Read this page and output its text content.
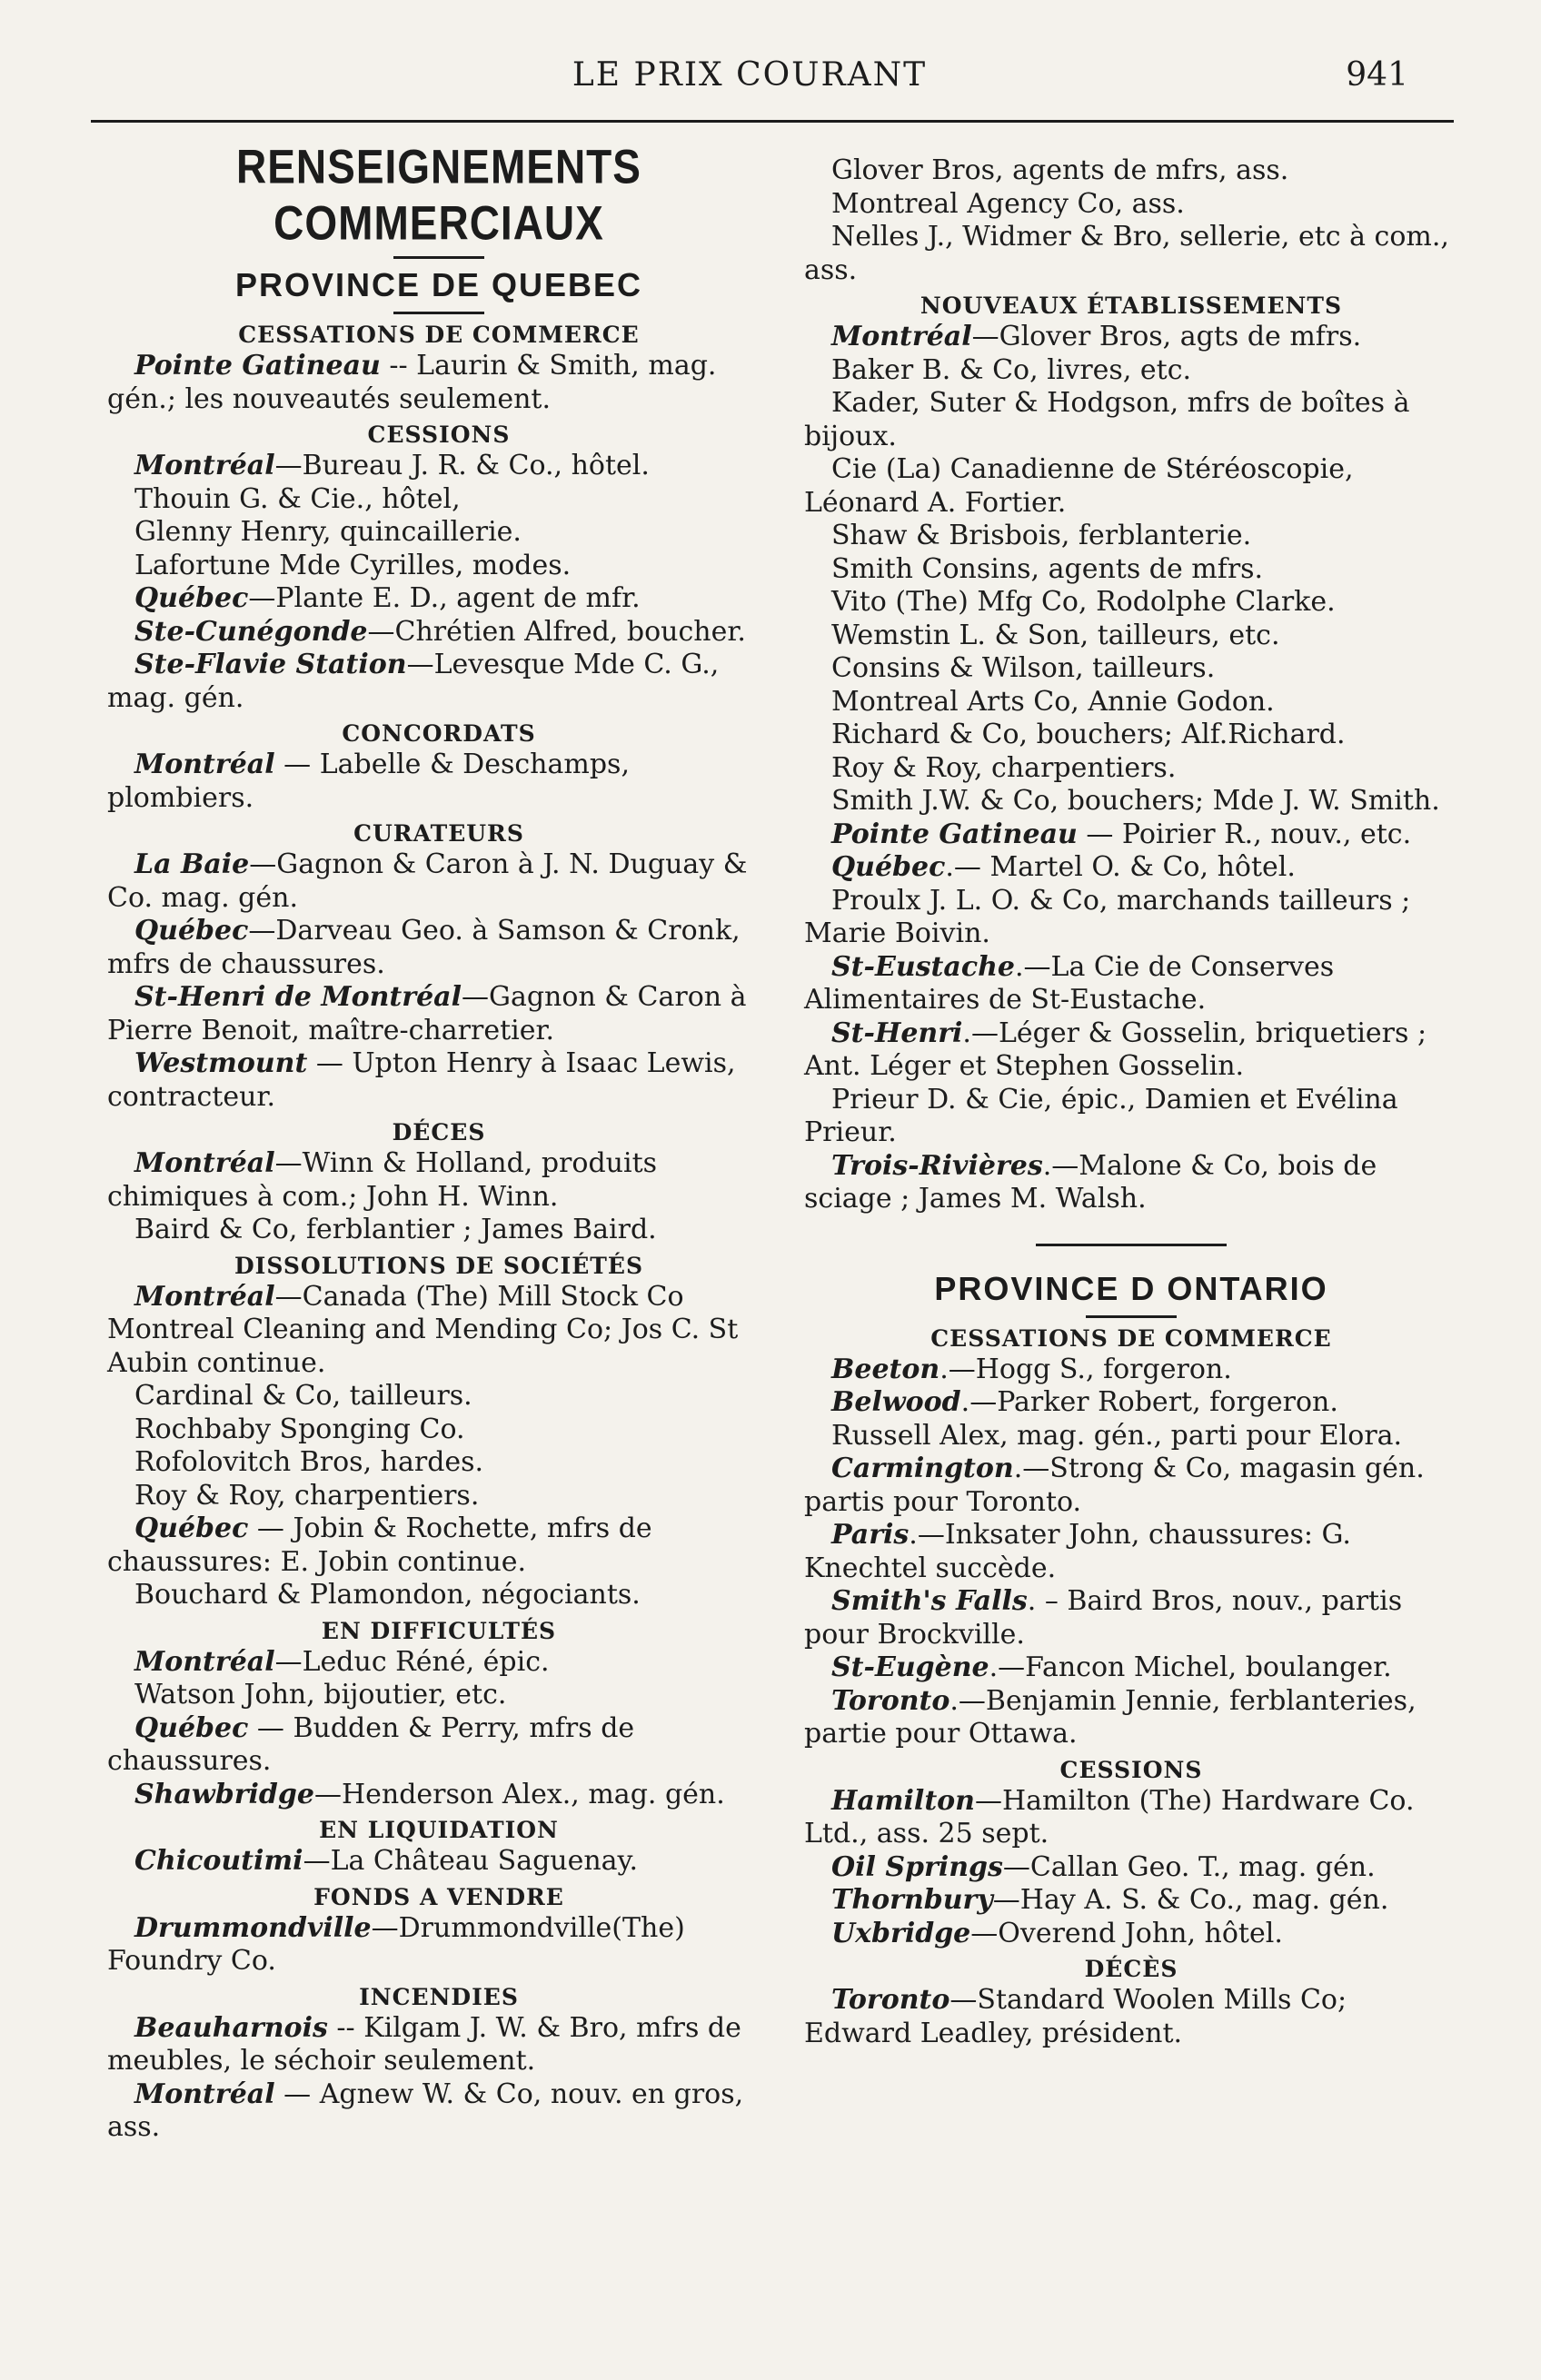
LE PRIX COURANT	941
RENSEIGNEMENTS COMMERCIAUX
PROVINCE DE QUEBEC
CESSATIONS DE COMMERCE

Pointe Gatineau -- Laurin & Smith, mag. gén.; les nouveautés seulement.

CESSIONS

Montréal—Bureau J. R. & Co., hôtel.

Thouin G. & Cie., hôtel,

Glenny Henry, quincaillerie.

Lafortune Mde Cyrilles, modes.

Québec—Plante E. D., agent de mfr.

Ste-Cunégonde—Chrétien Alfred, boucher.

Ste-Flavie Station—Levesque Mde C. G., mag. gén.

CONCORDATS

Montréal — Labelle & Deschamps, plombiers.

CURATEURS

La Baie—Gagnon & Caron à J. N. Duguay & Co. mag. gén.

Québec—Darveau Geo. à Samson & Cronk, mfrs de chaussures.

St-Henri de Montréal—Gagnon & Caron à Pierre Benoit, maître-charretier.

Westmount — Upton Henry à Isaac Lewis, contracteur.

DÉCES

Montréal—Winn & Holland, produits chimiques à com.; John H. Winn.

Baird & Co, ferblantier ; James Baird.

DISSOLUTIONS DE SOCIÉTÉS

Montréal—Canada (The) Mill Stock Co Montreal Cleaning and Mending Co; Jos C. St Aubin continue.

Cardinal & Co, tailleurs.

Rochbaby Sponging Co.

Rofolovitch Bros, hardes.

Roy & Roy, charpentiers.

Québec — Jobin & Rochette, mfrs de chaussures: E. Jobin continue.

Bouchard & Plamondon, négociants.

EN DIFFICULTÉS

Montréal—Leduc Réné, épic.

Watson John, bijoutier, etc.

Québec — Budden & Perry, mfrs de chaussures.

Shawbridge—Henderson Alex., mag. gén.

EN LIQUIDATION

Chicoutimi—La Château Saguenay.

FONDS A VENDRE

Drummondville—Drummondville(The) Foundry Co.

INCENDIES

Beauharnois -- Kilgam J. W. & Bro, mfrs de meubles, le séchoir seulement.

Montréal — Agnew W. & Co, nouv. en gros, ass.

Glover Bros, agents de mfrs, ass.

Montreal Agency Co, ass.

Nelles J., Widmer & Bro, sellerie, etc à com., ass.

NOUVEAUX ÉTABLISSEMENTS

Montréal—Glover Bros, agts de mfrs.

Baker B. & Co, livres, etc.

Kader, Suter & Hodgson, mfrs de boîtes à bijoux.

Cie (La) Canadienne de Stéréoscopie, Léonard A. Fortier.

Shaw & Brisbois, ferblanterie.

Smith Consins, agents de mfrs.

Vito (The) Mfg Co, Rodolphe Clarke.

Wemstin L. & Son, tailleurs, etc.

Consins & Wilson, tailleurs.

Montreal Arts Co, Annie Godon.

Richard & Co, bouchers; Alf.Richard.

Roy & Roy, charpentiers.

Smith J.W. & Co, bouchers; Mde J. W. Smith.

Pointe Gatineau — Poirier R., nouv., etc.

Québec.— Martel O. & Co, hôtel.

Proulx J. L. O. & Co, marchands tailleurs ; Marie Boivin.

St-Eustache.—La Cie de Conserves Alimentaires de St-Eustache.

St-Henri.—Léger & Gosselin, briquetiers ; Ant. Léger et Stephen Gosselin.

Prieur D. & Cie, épic., Damien et Evélina Prieur.

Trois-Rivières.—Malone & Co, bois de sciage ; James M. Walsh.

PROVINCE D ONTARIO
CESSATIONS DE COMMERCE

Beeton.—Hogg S., forgeron.

Belwood.—Parker Robert, forgeron.

Russell Alex, mag. gén., parti pour Elora.

Carmington.—Strong & Co, magasin gén. partis pour Toronto.

Paris.—Inksater John, chaussures: G. Knechtel succède.

Smith's Falls. – Baird Bros, nouv., partis pour Brockville.

St-Eugène.—Fancon Michel, boulanger.

Toronto.—Benjamin Jennie, ferblanteries, partie pour Ottawa.

CESSIONS

Hamilton—Hamilton (The) Hardware Co. Ltd., ass. 25 sept.

Oil Springs—Callan Geo. T., mag. gén.

Thornbury—Hay A. S. & Co., mag. gén.

Uxbridge—Overend John, hôtel.

DÉCÈS

Toronto—Standard Woolen Mills Co; Edward Leadley, président.
